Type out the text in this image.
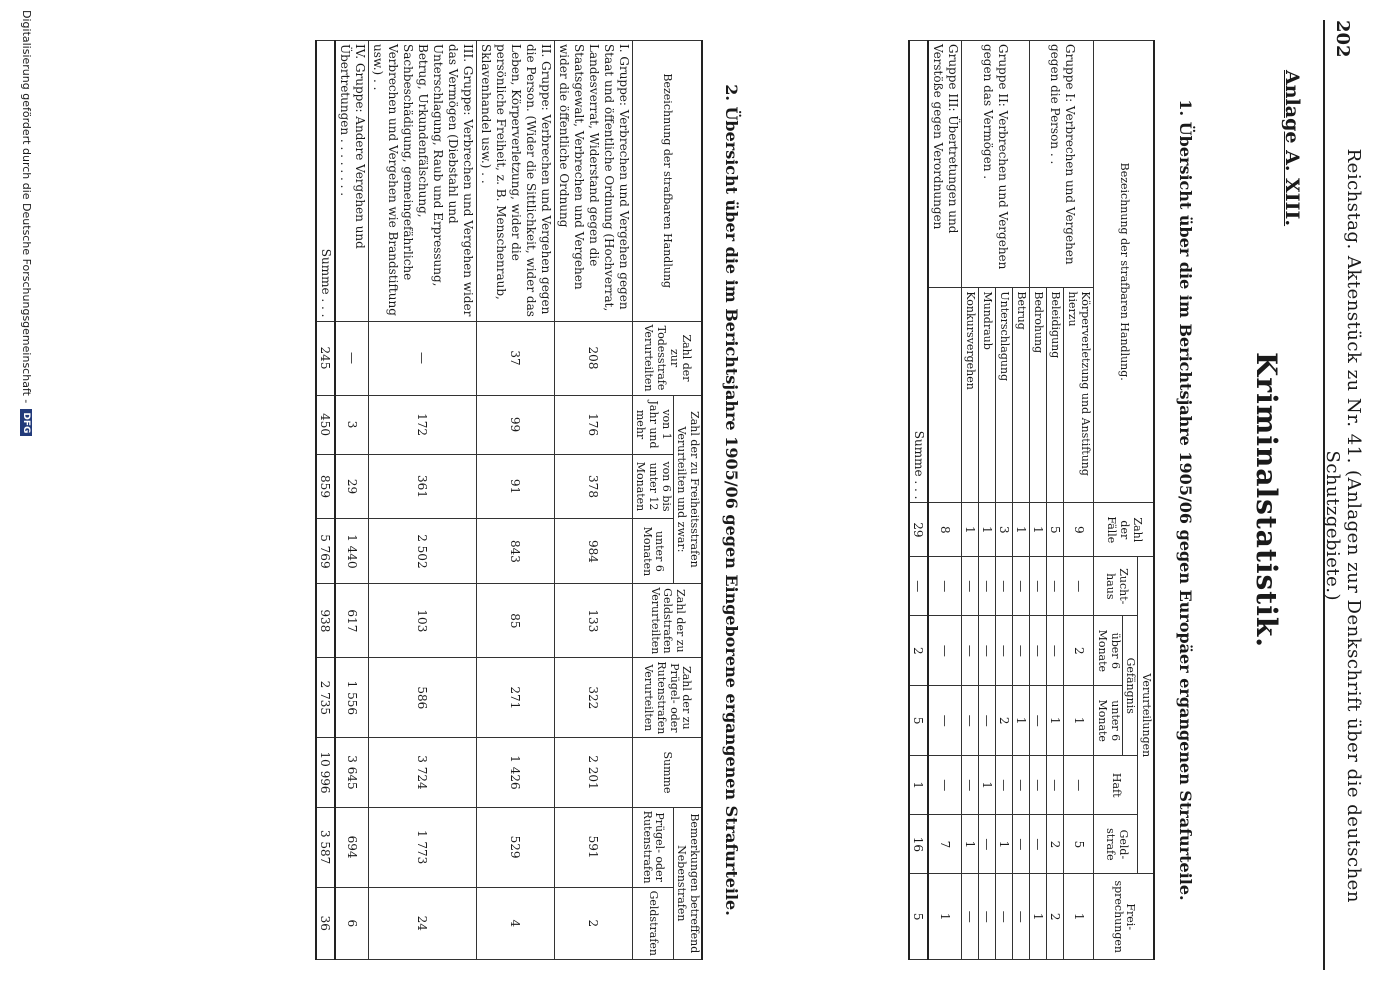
202
Reichstag. Aktenstück zu Nr. 41. (Anlagen zur Denkschrift über die deutschen Schutzgebiete.)
Anlage A. XIII.
Kriminalstatistik.
1. Übersicht über die im Berichtsjahre 1905/06 gegen Europäer ergangenen Strafurteile.
Bezeichnung der strafbaren Handlung.		Zahl der Fälle	Verurteilungen					Frei-sprechungen
			Zucht-haus	Gefängnis		Haft	Geld-strafe	
				über 6 Monate	unter 6 Monate			
Gruppe I: Verbrechen und Vergehen gegen die Person . .	Körperverletzung und Anstiftung hierzu	9	—	2	1	—	5	1
	Beleidigung	5	—	—	1	—	2	2
	Bedrohung	1	—	—	—	—	—	1
Gruppe II: Verbrechen und Vergehen gegen das Vermögen .	Betrug	1	—	—	1	—	—	—
	Unterschlagung	3	—	—	2	—	1	—
	Mundraub	1	—	—	—	1	—	—
	Konkursvergehen	1	—	—	—	—	1	—
Gruppe III: Übertretungen und Verstöße gegen Verordnungen		8	—	—	—	—	7	1
Summe . . .		29	—	2	5	1	16	5
2. Übersicht über die im Berichtsjahre 1905/06 gegen Eingeborene ergangenen Strafurteile.
Bezeichnung der strafbaren Handlung	Zahl der zur Todesstrafe Verurteilten	Zahl der zu Freiheitsstrafen Verurteilten und zwar:			Zahl der zu Geldstrafen Verurteilten	Zahl der zu Prügel- oder Rutenstrafen Verurteilten	Summe	Bemerkungen betreffend Nebenstrafen	
		von 1 Jahr und mehr	von 6 bis unter 12 Monaten	unter 6 Monaten				Prügel- oder Rutenstrafen	Geldstrafen
I. Gruppe: Verbrechen und Vergehen gegen Staat und öffentliche Ordnung (Hochverrat, Landesverrat, Widerstand gegen die Staatsgewalt, Verbrechen und Vergehen wider die öffentliche Ordnung	208	176	378	984	133	322	2 201	591	2
II. Gruppe: Verbrechen und Vergehen gegen die Person. (Wider die Sittlichkeit, wider das Leben, Körperverletzung, wider die persönliche Freiheit, z. B. Menschenraub, Sklavenhandel usw.) . .	37	99	91	843	85	271	1 426	529	4
III. Gruppe: Verbrechen und Vergehen wider das Vermögen (Diebstahl und Unterschlagung, Raub und Erpressung, Betrug, Urkundenfälschung, Sachbeschädigung, gemeingefährliche Verbrechen und Vergehen wie Brandstiftung usw.) . .	—	172	361	2 502	103	586	3 724	1 773	24
IV. Gruppe: Andere Vergehen und Übertretungen . . . . . . . .	—	3	29	1 440	617	1 556	3 645	694	6
Summe . . .	245	450	859	5 769	938	2 735	10 996	3 587	36
Digitalisierung gefördert durch die Deutsche Forschungsgemeinschaft -
DFG
